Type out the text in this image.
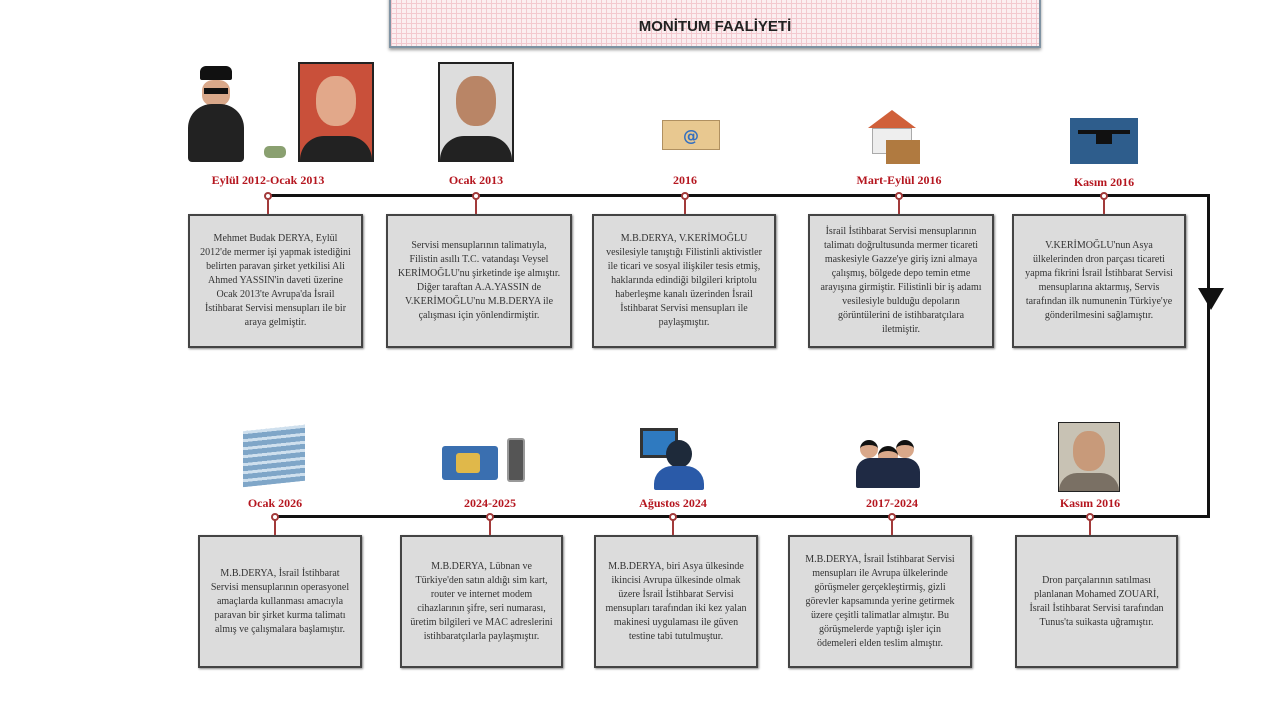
MONİTUM FAALİYETİ
@
Eylül 2012-Ocak 2013
Mehmet Budak DERYA, Eylül 2012'de mermer işi yapmak istediğini belirten paravan şirket yetkilisi Ali Ahmed YASSIN'in daveti üzerine Ocak 2013'te Avrupa'da İsrail İstihbarat Servisi mensupları ile bir araya gelmiştir.
Ocak 2013
Servisi mensuplarının talimatıyla, Filistin asıllı T.C. vatandaşı Veysel KERİMOĞLU'nu şirketinde işe almıştır. Diğer taraftan A.A.YASSIN de V.KERİMOĞLU'nu M.B.DERYA ile çalışması için yönlendirmiştir.
2016
M.B.DERYA, V.KERİMOĞLU vesilesiyle tanıştığı Filistinli aktivistler ile ticari ve sosyal ilişkiler tesis etmiş, haklarında edindiği bilgileri kriptolu haberleşme kanalı üzerinden İsrail İstihbarat Servisi mensupları ile paylaşmıştır.
Mart-Eylül 2016
İsrail İstihbarat Servisi mensuplarının talimatı doğrultusunda mermer ticareti maskesiyle Gazze'ye giriş izni almaya çalışmış, bölgede depo temin etme arayışına girmiştir. Filistinli bir iş adamı vesilesiyle bulduğu depoların görüntülerini de istihbaratçılara iletmiştir.
Kasım 2016
V.KERİMOĞLU'nun Asya ülkelerinden dron parçası ticareti yapma fikrini İsrail İstihbarat Servisi mensuplarına aktarmış, Servis tarafından ilk numunenin Türkiye'ye gönderilmesini sağlamıştır.
Ocak 2026
M.B.DERYA, İsrail İstihbarat Servisi mensuplarının operasyonel amaçlarda kullanması amacıyla paravan bir şirket kurma talimatı almış ve çalışmalara başlamıştır.
2024-2025
M.B.DERYA, Lübnan ve Türkiye'den satın aldığı sim kart, router ve internet modem cihazlarının şifre, seri numarası, üretim bilgileri ve MAC adreslerini istihbaratçılarla paylaşmıştır.
Ağustos 2024
M.B.DERYA, biri Asya ülkesinde ikincisi Avrupa ülkesinde olmak üzere İsrail İstihbarat Servisi mensupları tarafından iki kez yalan makinesi uygulaması ile güven testine tabi tutulmuştur.
2017-2024
M.B.DERYA, İsrail İstihbarat Servisi mensupları ile Avrupa ülkelerinde görüşmeler gerçekleştirmiş, gizli görevler kapsamında yerine getirmek üzere çeşitli talimatlar almıştır. Bu görüşmelerde yaptığı işler için ödemeleri elden teslim almıştır.
Kasım 2016
Dron parçalarının satılması planlanan Mohamed ZOUARİ, İsrail İstihbarat Servisi tarafından Tunus'ta suikasta uğramıştır.
